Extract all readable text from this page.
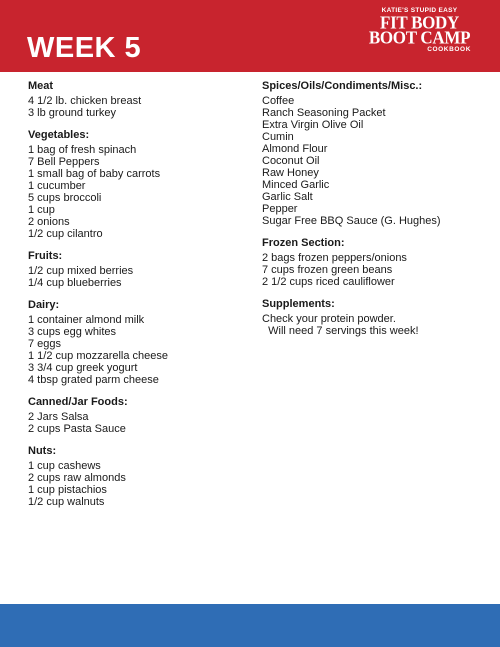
WEEK 5
KATIE'S STUPID EASY
FIT BODY
BOOT CAMP
COOKBOOK
Meat
4 1/2 lb. chicken breast
3 lb ground turkey
Vegetables:
1 bag of fresh spinach
7 Bell Peppers
1 small bag of baby carrots
1 cucumber
5 cups broccoli
1 cup
2 onions
1/2 cup cilantro
Fruits:
1/2 cup mixed berries
1/4 cup blueberries
Dairy:
1 container almond milk
3 cups egg whites
7 eggs
1 1/2 cup mozzarella cheese
3 3/4 cup greek yogurt
4 tbsp grated parm cheese
Canned/Jar Foods:
2 Jars Salsa
2 cups Pasta Sauce
Nuts:
1 cup cashews
2 cups raw almonds
1 cup pistachios
1/2 cup walnuts
Spices/Oils/Condiments/Misc.:
Coffee
Ranch Seasoning Packet
Extra Virgin Olive Oil
Cumin
Almond Flour
Coconut Oil
Raw Honey
Minced Garlic
Garlic Salt
Pepper
Sugar Free BBQ Sauce (G. Hughes)
Frozen Section:
2 bags frozen peppers/onions
7 cups frozen green beans
2 1/2 cups riced cauliflower
Supplements:
Check your protein powder.
Will need 7 servings this week!
